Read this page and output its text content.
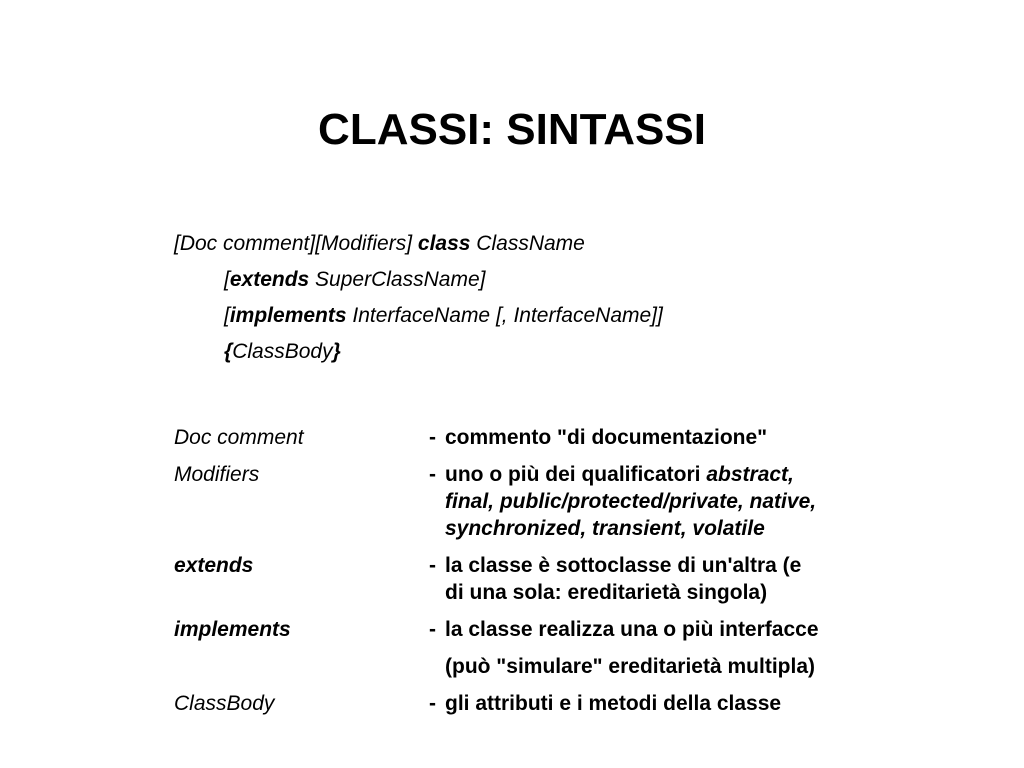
CLASSI: SINTASSI
[Doc comment][Modifiers] class ClassName
[extends SuperClassName]
[implements InterfaceName [, InterfaceName]]
{ClassBody}
Doc comment	- commento "di documentazione"
Modifiers	- uno o più dei qualificatori abstract,
final, public/protected/private, native,
synchronized, transient, volatile
extends	- la classe è sottoclasse di un'altra (e
di una sola: ereditarietà singola)
implements	- la classe realizza una o più interfacce
(può "simulare" ereditarietà multipla)
ClassBody	- gli attributi e i metodi della classe
